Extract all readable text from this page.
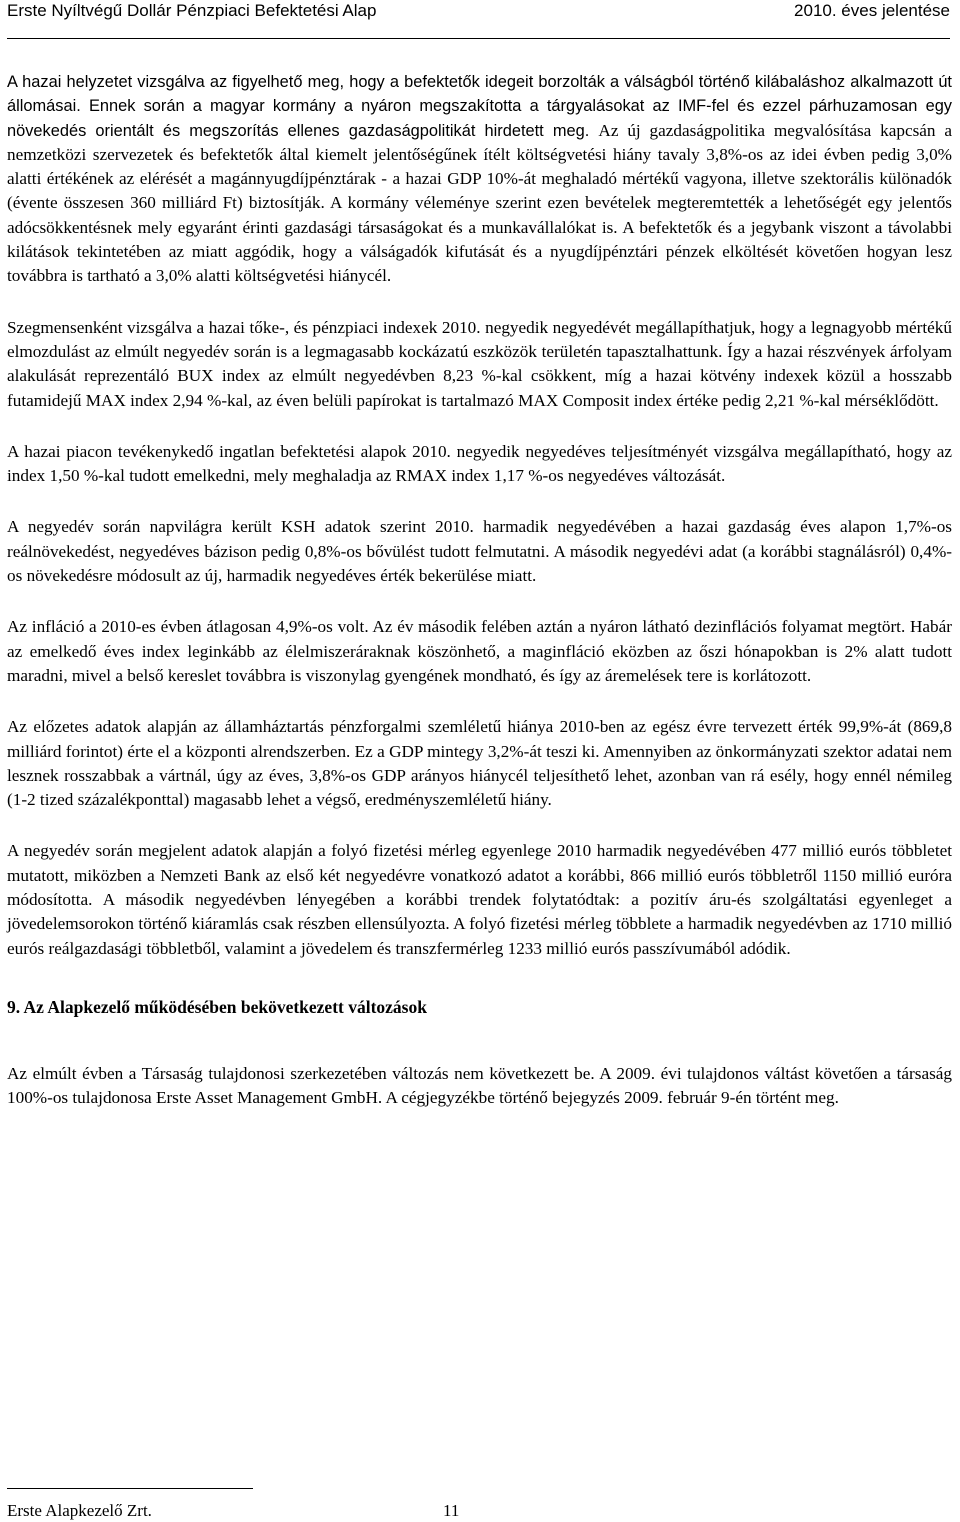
Erste Nyíltvégű Dollár Pénzpiaci Befektetési Alap	2010. éves jelentése

A hazai helyzetet vizsgálva az figyelhető meg, hogy a befektetők idegeit borzolták a válságból történő kilábaláshoz alkalmazott út állomásai. Ennek során a magyar kormány a nyáron megszakította a tárgyalásokat az IMF-fel és ezzel párhuzamosan egy növekedés orientált és megszorítás ellenes gazdaságpolitikát hirdetett meg. Az új gazdaságpolitika megvalósítása kapcsán a nemzetközi szervezetek és befektetők által kiemelt jelentőségűnek ítélt költségvetési hiány tavaly 3,8%-os az idei évben pedig 3,0% alatti értékének az elérését a magánnyugdíjpénztárak - a hazai GDP 10%-át meghaladó mértékű vagyona, illetve szektorális különadók (évente összesen 360 milliárd Ft) biztosítják. A kormány véleménye szerint ezen bevételek megteremtették a lehetőségét egy jelentős adócsökkentésnek mely egyaránt érinti gazdasági társaságokat és a munkavállalókat is. A befektetők és a jegybank viszont a távolabbi kilátások tekintetében az miatt aggódik, hogy a válságadók kifutását és a nyugdíjpénztári pénzek elköltését követően hogyan lesz továbbra is tartható a 3,0% alatti költségvetési hiánycél.

Szegmensenként vizsgálva a hazai tőke-, és pénzpiaci indexek 2010. negyedik negyedévét megállapíthatjuk, hogy a legnagyobb mértékű elmozdulást az elmúlt negyedév során is a legmagasabb kockázatú eszközök területén tapasztalhattunk. Így a hazai részvények árfolyam alakulását reprezentáló BUX index az elmúlt negyedévben 8,23 %-kal csökkent, míg a hazai kötvény indexek közül a hosszabb futamidejű MAX index 2,94 %-kal, az éven belüli papírokat is tartalmazó MAX Composit index értéke pedig 2,21 %-kal mérséklődött.

A hazai piacon tevékenykedő ingatlan befektetési alapok 2010. negyedik negyedéves teljesítményét vizsgálva megállapítható, hogy az index 1,50 %-kal tudott emelkedni, mely meghaladja az RMAX index 1,17 %-os negyedéves változását.

A negyedév során napvilágra került KSH adatok szerint 2010. harmadik negyedévében a hazai gazdaság éves alapon 1,7%-os reálnövekedést, negyedéves bázison pedig 0,8%-os bővülést tudott felmutatni. A második negyedévi adat (a korábbi stagnálásról) 0,4%-os növekedésre módosult az új, harmadik negyedéves érték bekerülése miatt.

Az infláció a 2010-es évben átlagosan 4,9%-os volt. Az év második felében aztán a nyáron látható dezinflációs folyamat megtört. Habár az emelkedő éves index leginkább az élelmiszeráraknak köszönhető, a maginfláció eközben az őszi hónapokban is 2% alatt tudott maradni, mivel a belső kereslet továbbra is viszonylag gyengének mondható, és így az áremelések tere is korlátozott.

Az előzetes adatok alapján az államháztartás pénzforgalmi szemléletű hiánya 2010-ben az egész évre tervezett érték 99,9%-át (869,8 milliárd forintot) érte el a központi alrendszerben. Ez a GDP mintegy 3,2%-át teszi ki. Amennyiben az önkormányzati szektor adatai nem lesznek rosszabbak a vártnál, úgy az éves, 3,8%-os GDP arányos hiánycél teljesíthető lehet, azonban van rá esély, hogy ennél némileg (1-2 tized százalékponttal) magasabb lehet a végső, eredményszemléletű hiány.

A negyedév során megjelent adatok alapján a folyó fizetési mérleg egyenlege 2010 harmadik negyedévében 477 millió eurós többletet mutatott, miközben a Nemzeti Bank az első két negyedévre vonatkozó adatot a korábbi, 866 millió eurós többletről 1150 millió euróra módosította. A második negyedévben lényegében a korábbi trendek folytatódtak: a pozitív áru-és szolgáltatási egyenleget a jövedelemsorokon történő kiáramlás csak részben ellensúlyozta. A folyó fizetési mérleg többlete a harmadik negyedévben az 1710 millió eurós reálgazdasági többletből, valamint a jövedelem és transzfermérleg 1233 millió eurós passzívumából adódik.

9. Az Alapkezelő működésében bekövetkezett változások

Az elmúlt évben a Társaság tulajdonosi szerkezetében változás nem következett be. A 2009. évi tulajdonos váltást követően a társaság 100%-os tulajdonosa Erste Asset Management GmbH. A cégjegyzékbe történő bejegyzés 2009. február 9-én történt meg.

Erste Alapkezelő Zrt.	11
